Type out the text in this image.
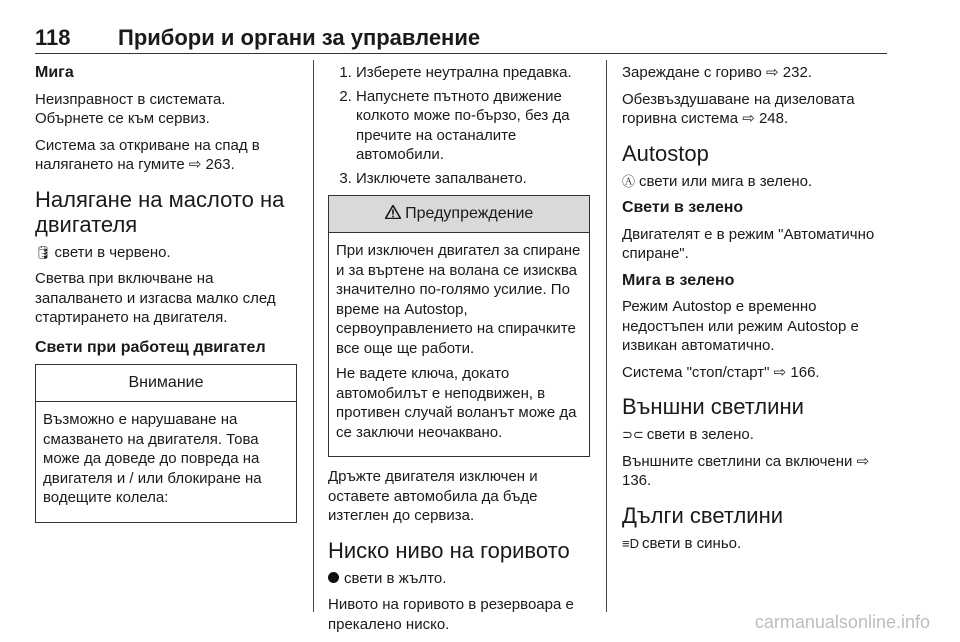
118 Прибори и органи за управление
Мига

Неизправност в системата. Обърнете се към сервиз.

Система за откриване на спад в налягането на гумите ⇨ 263.

Налягане на маслото на двигателя

🛢 свети в червено.

Светва при включване на запалването и изгасва малко след стартирането на двигателя.

Свети при работещ двигател
Внимание

Възможно е нарушаване на смазването на двигателя. Това може да доведе до повреда на двигателя и / или блокиране на водещите колела:

1. Изберете неутрална предавка.
2. Напуснете пътното движение колкото може по-бързо, без да пречите на останалите автомобили.
3. Изключете запалването.
Предупреждение

При изключен двигател за спиране и за въртене на волана се изисква значително по-голямо усилие. По време на Autostop, сервоуправлението на спирачките все още ще работи.

Не вадете ключа, докато автомобилът е неподвижен, в противен случай воланът може да се заключи неочаквано.

Дръжте двигателя изключен и оставете автомобила да бъде изтеглен до сервиза.

Ниско ниво на горивото

свети в жълто.

Нивото на горивото в резервоара е прекалено ниско.

Зареждане с гориво ⇨ 232.

Обезвъздушаване на дизеловата горивна система ⇨ 248.

Autostop

Ⓐ свети или мига в зелено.

Свети в зелено

Двигателят е в режим "Автоматично спиране".

Мига в зелено

Режим Autostop е временно недостъпен или режим Autostop е извикан автоматично.

Система "стоп/старт" ⇨ 166.

Външни светлини

⊃⊂ свети в зелено.

Външните светлини са включени ⇨ 136.

Дълги светлини

≡D свети в синьо.

carmanualsonline.info
